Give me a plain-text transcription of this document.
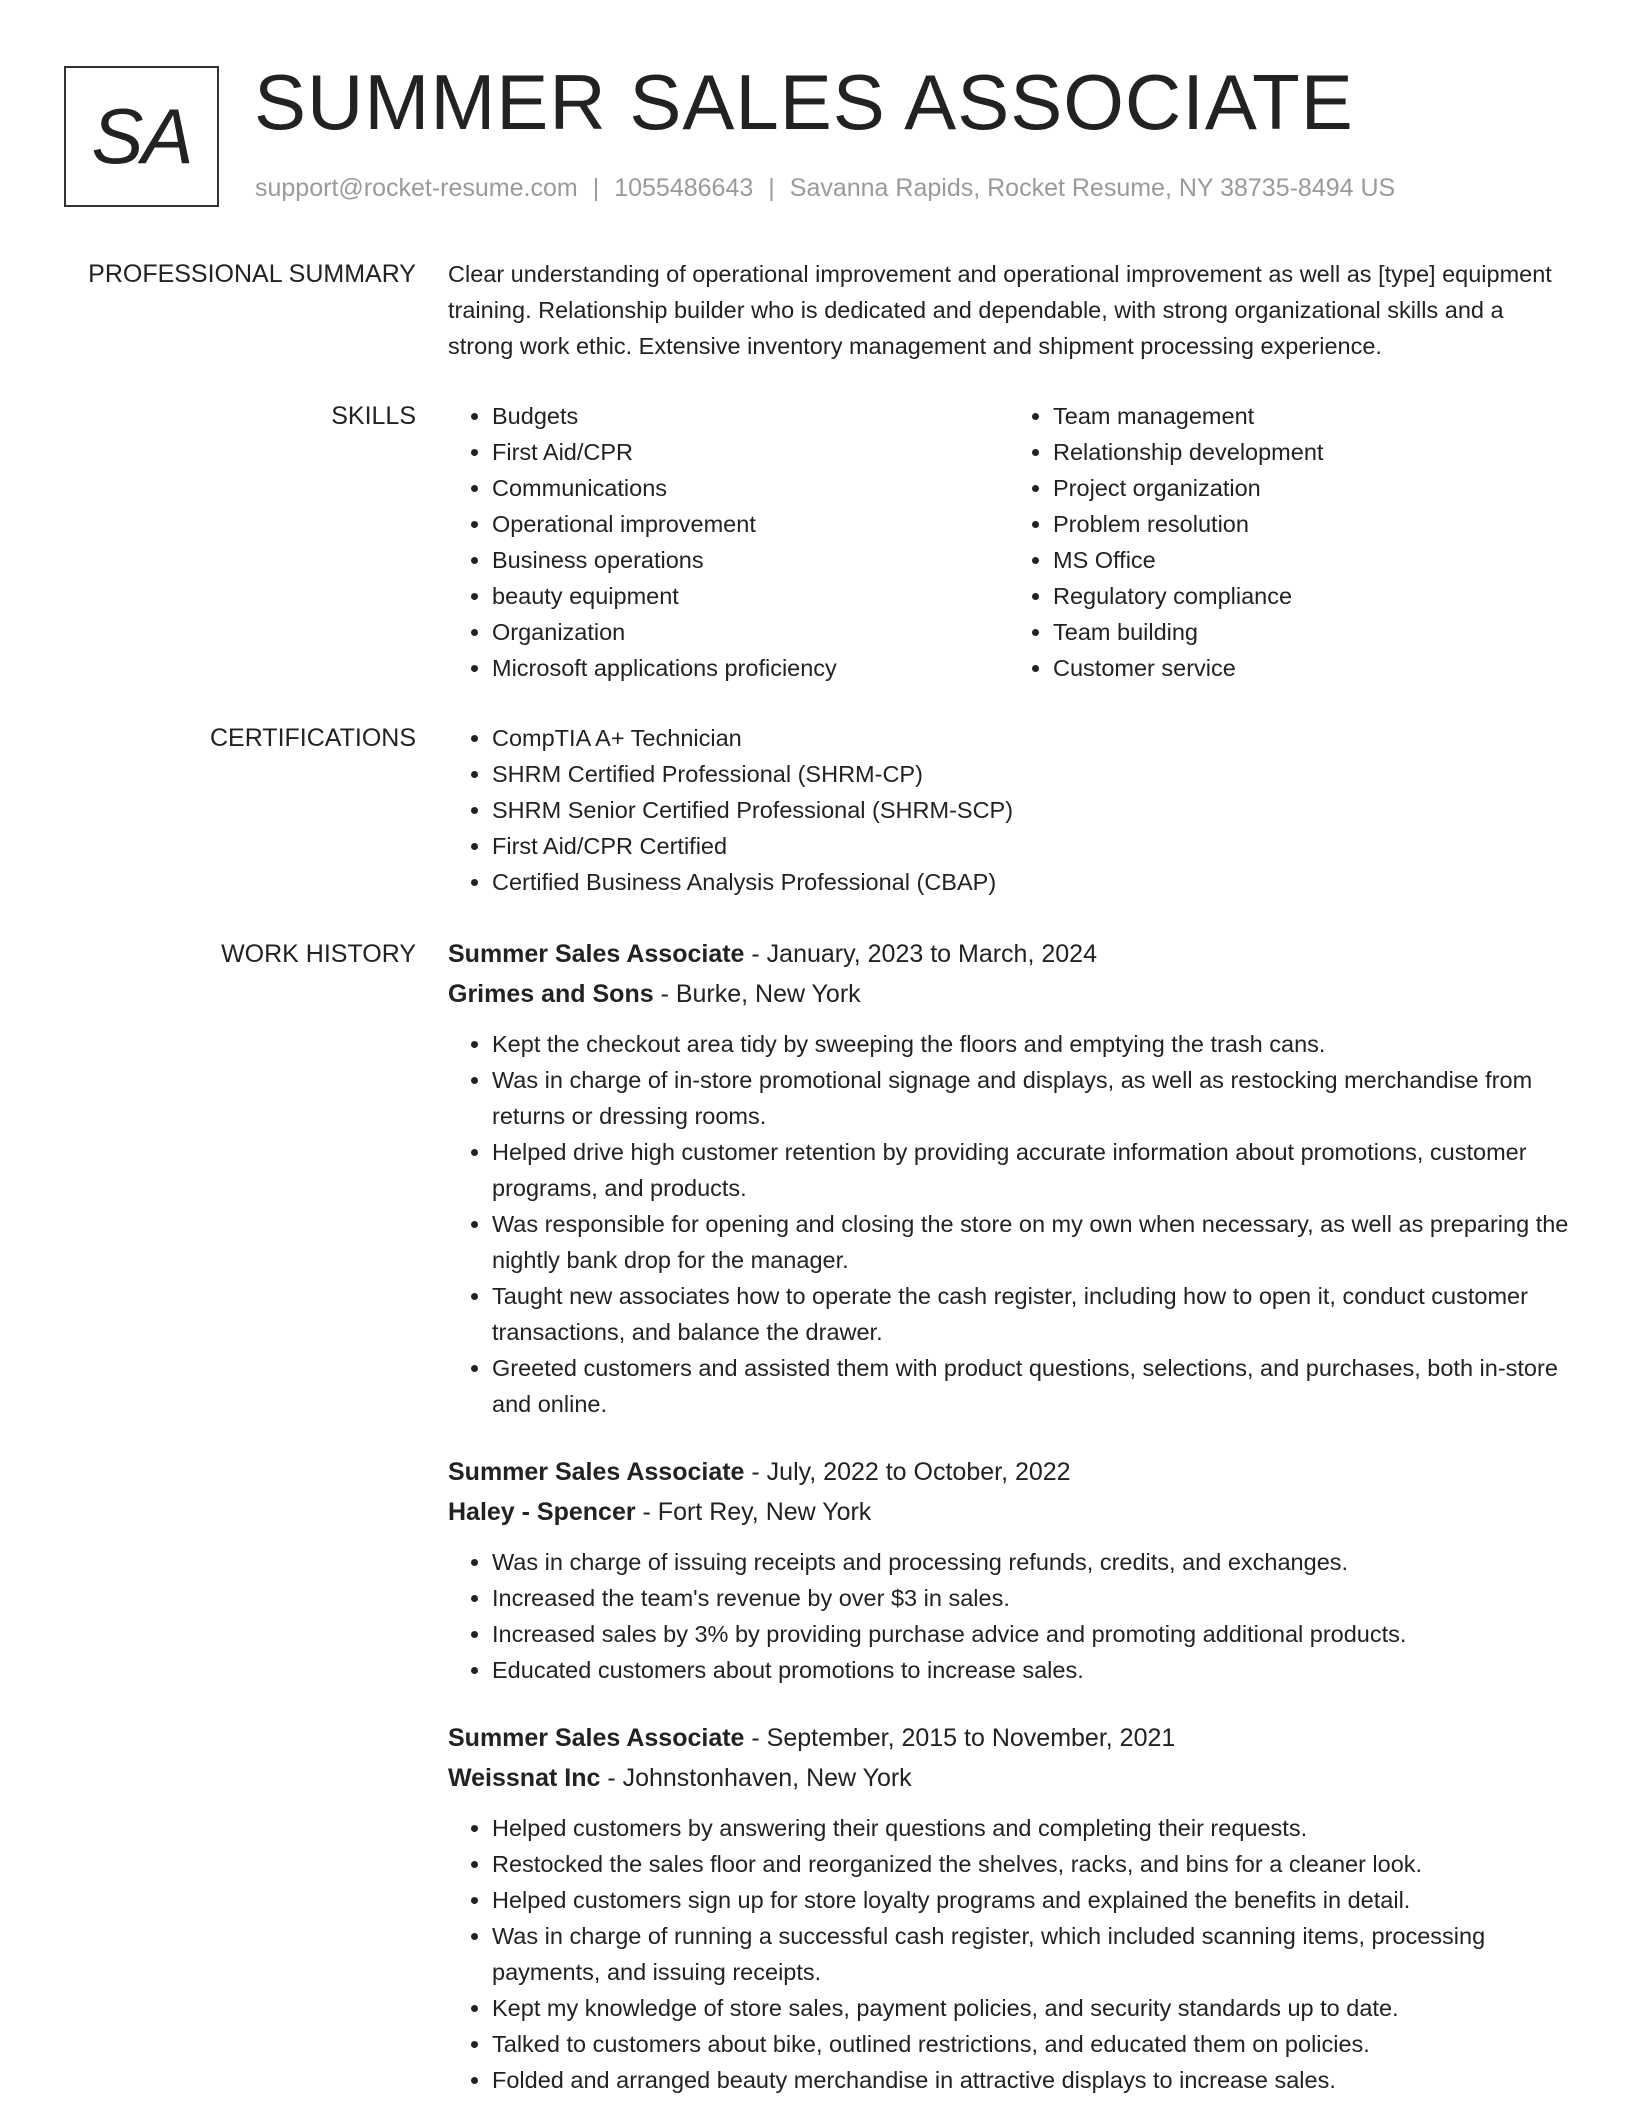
SA SUMMER SALES ASSOCIATE
support@rocket-resume.com | 1055486643 | Savanna Rapids, Rocket Resume, NY 38735-8494 US
PROFESSIONAL SUMMARY Clear understanding of operational improvement and operational improvement as well as [type] equipment training. Relationship builder who is dedicated and dependable, with strong organizational skills and a strong work ethic. Extensive inventory management and shipment processing experience.

SKILLS	• Budgets
• First Aid/CPR
• Communications
• Operational improvement
• Business operations
• beauty equipment
• Organization
• Microsoft applications proficiency
• Team management
• Relationship development
• Project organization
• Problem resolution
• MS Office
• Regulatory compliance
• Team building
• Customer service
CERTIFICATIONS	• CompTIA A+ Technician
• SHRM Certified Professional (SHRM-CP)
• SHRM Senior Certified Professional (SHRM-SCP)
• First Aid/CPR Certified
• Certified Business Analysis Professional (CBAP)
WORK HISTORY Summer Sales Associate - January, 2023 to March, 2024
Grimes and Sons - Burke, New York
• Kept the checkout area tidy by sweeping the floors and emptying the trash cans.
• Was in charge of in-store promotional signage and displays, as well as restocking merchandise from returns or dressing rooms.
• Helped drive high customer retention by providing accurate information about promotions, customer programs, and products.
• Was responsible for opening and closing the store on my own when necessary, as well as preparing the nightly bank drop for the manager.
• Taught new associates how to operate the cash register, including how to open it, conduct customer transactions, and balance the drawer.
• Greeted customers and assisted them with product questions, selections, and purchases, both in-store and online.
Summer Sales Associate - July, 2022 to October, 2022
Haley - Spencer - Fort Rey, New York
• Was in charge of issuing receipts and processing refunds, credits, and exchanges.
• Increased the team's revenue by over $3 in sales.
• Increased sales by 3% by providing purchase advice and promoting additional products.
• Educated customers about promotions to increase sales.
Summer Sales Associate - September, 2015 to November, 2021
Weissnat Inc - Johnstonhaven, New York
• Helped customers by answering their questions and completing their requests.
• Restocked the sales floor and reorganized the shelves, racks, and bins for a cleaner look.
• Helped customers sign up for store loyalty programs and explained the benefits in detail.
• Was in charge of running a successful cash register, which included scanning items, processing payments, and issuing receipts.
• Kept my knowledge of store sales, payment policies, and security standards up to date.
• Talked to customers about bike, outlined restrictions, and educated them on policies.
• Folded and arranged beauty merchandise in attractive displays to increase sales.
